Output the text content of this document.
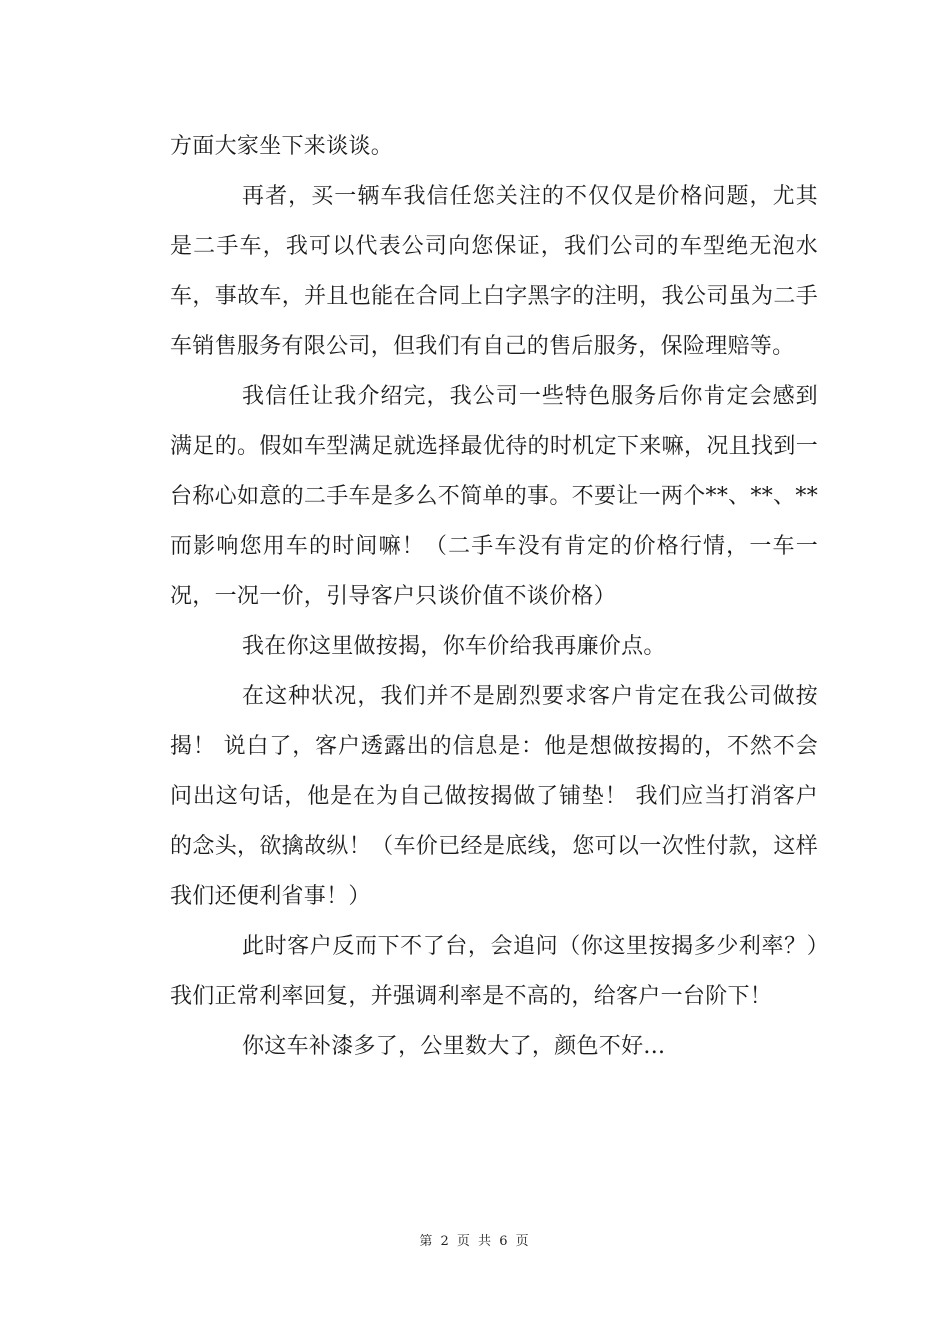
方面大家坐下来谈谈。

再者，买一辆车我信任您关注的不仅仅是价格问题，尤其是二手车，我可以代表公司向您保证，我们公司的车型绝无泡水车，事故车，并且也能在合同上白字黑字的注明，我公司虽为二手车销售服务有限公司，但我们有自己的售后服务，保险理赔等。

我信任让我介绍完，我公司一些特色服务后你肯定会感到满足的。假如车型满足就选择最优待的时机定下来嘛，况且找到一台称心如意的二手车是多么不简单的事。不要让一两个**、**、**而影响您用车的时间嘛！（二手车没有肯定的价格行情，一车一况，一况一价，引导客户只谈价值不谈价格）

我在你这里做按揭，你车价给我再廉价点。

在这种状况，我们并不是剧烈要求客户肯定在我公司做按揭！ 说白了，客户透露出的信息是：他是想做按揭的，不然不会问出这句话，他是在为自己做按揭做了铺垫！ 我们应当打消客户的念头，欲擒故纵！（车价已经是底线，您可以一次性付款，这样我们还便利省事！）

此时客户反而下不了台，会追问（你这里按揭多少利率？）我们正常利率回复，并强调利率是不高的，给客户一台阶下！

你这车补漆多了，公里数大了，颜色不好...

第 2 页 共 6 页
